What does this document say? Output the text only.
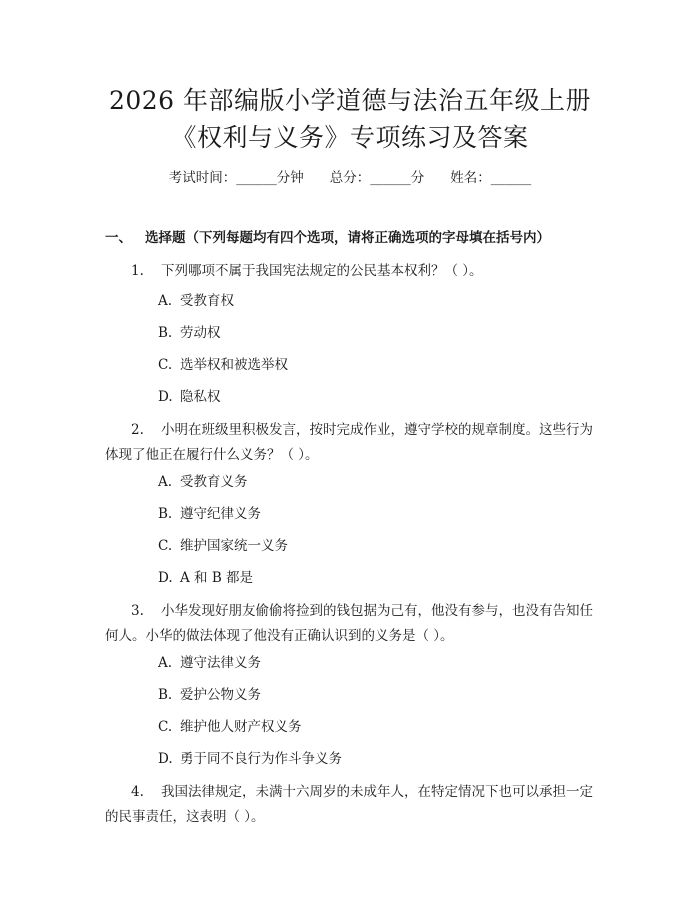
2026 年部编版小学道德与法治五年级上册
《权利与义务》专项练习及答案
考试时间：______分钟 总分：______分 姓名：______
一、 选择题（下列每题均有四个选项，请将正确选项的字母填在括号内）
1. 下列哪项不属于我国宪法规定的公民基本权利？（ ）。
A. 受教育权
B. 劳动权
C. 选举权和被选举权
D. 隐私权
2. 小明在班级里积极发言，按时完成作业，遵守学校的规章制度。这些行为体现了他正在履行什么义务？（ ）。
A. 受教育义务
B. 遵守纪律义务
C. 维护国家统一义务
D. A 和 B 都是
3. 小华发现好朋友偷偷将捡到的钱包据为己有，他没有参与，也没有告知任何人。小华的做法体现了他没有正确认识到的义务是（ ）。
A. 遵守法律义务
B. 爱护公物义务
C. 维护他人财产权义务
D. 勇于同不良行为作斗争义务
4. 我国法律规定，未满十六周岁的未成年人，在特定情况下也可以承担一定的民事责任，这表明（ ）。
